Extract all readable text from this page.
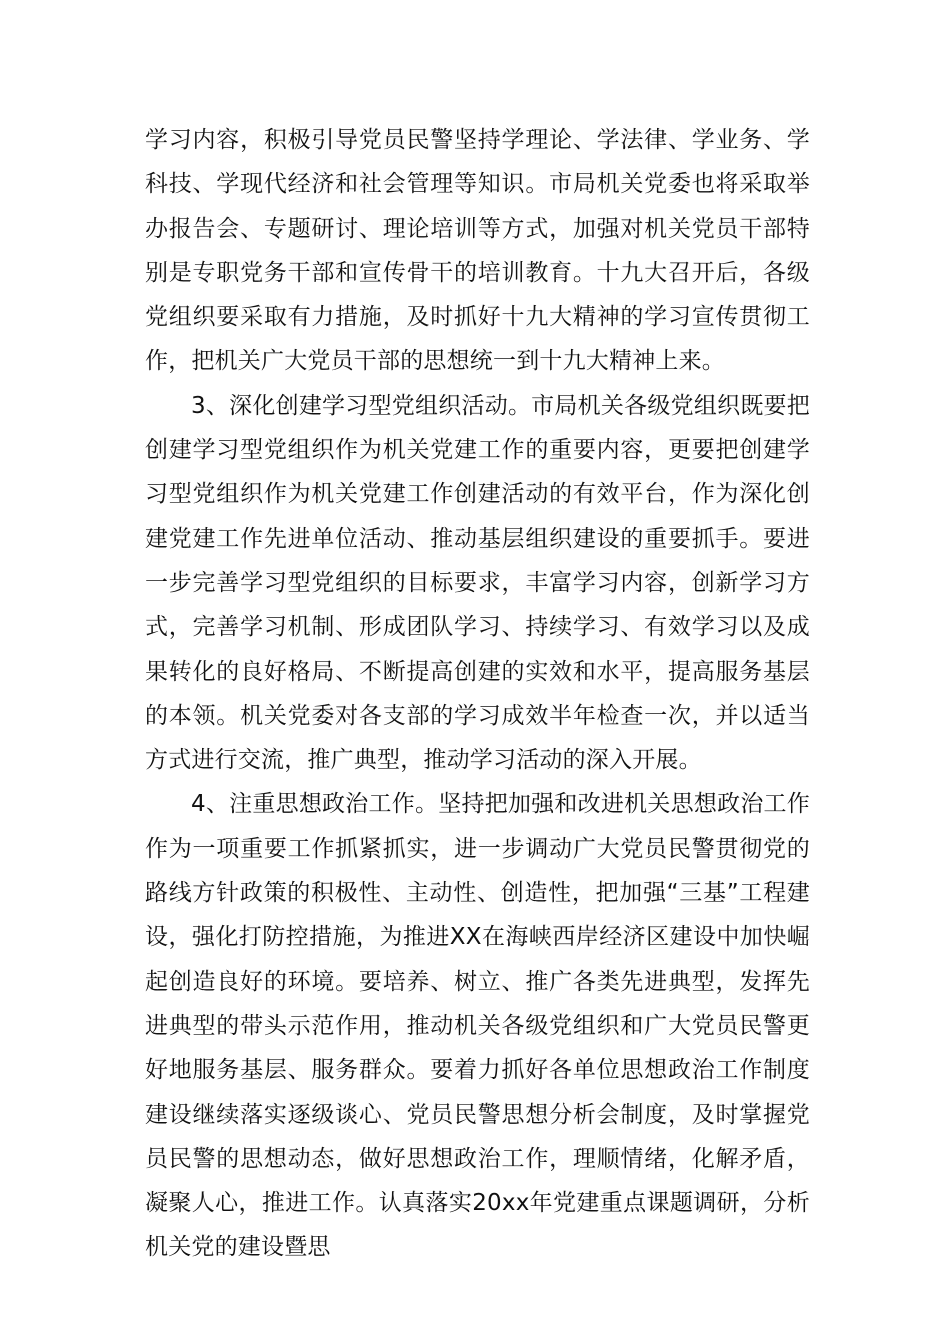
学习内容，积极引导党员民警坚持学理论、学法律、学业务、学科技、学现代经济和社会管理等知识。市局机关党委也将采取举办报告会、专题研讨、理论培训等方式，加强对机关党员干部特别是专职党务干部和宣传骨干的培训教育。十九大召开后，各级党组织要采取有力措施，及时抓好十九大精神的学习宣传贯彻工作，把机关广大党员干部的思想统一到十九大精神上来。

3、深化创建学习型党组织活动。市局机关各级党组织既要把创建学习型党组织作为机关党建工作的重要内容，更要把创建学习型党组织作为机关党建工作创建活动的有效平台，作为深化创建党建工作先进单位活动、推动基层组织建设的重要抓手。要进一步完善学习型党组织的目标要求，丰富学习内容，创新学习方式，完善学习机制、形成团队学习、持续学习、有效学习以及成果转化的良好格局、不断提高创建的实效和水平，提高服务基层的本领。机关党委对各支部的学习成效半年检查一次，并以适当方式进行交流，推广典型，推动学习活动的深入开展。

4、注重思想政治工作。坚持把加强和改进机关思想政治工作作为一项重要工作抓紧抓实，进一步调动广大党员民警贯彻党的路线方针政策的积极性、主动性、创造性，把加强“三基”工程建设，强化打防控措施，为推进XX在海峡西岸经济区建设中加快崛起创造良好的环境。要培养、树立、推广各类先进典型，发挥先进典型的带头示范作用，推动机关各级党组织和广大党员民警更好地服务基层、服务群众。要着力抓好各单位思想政治工作制度建设继续落实逐级谈心、党员民警思想分析会制度，及时掌握党员民警的思想动态，做好思想政治工作，理顺情绪，化解矛盾，凝聚人心，推进工作。认真落实20xx年党建重点课题调研，分析机关党的建设暨思
